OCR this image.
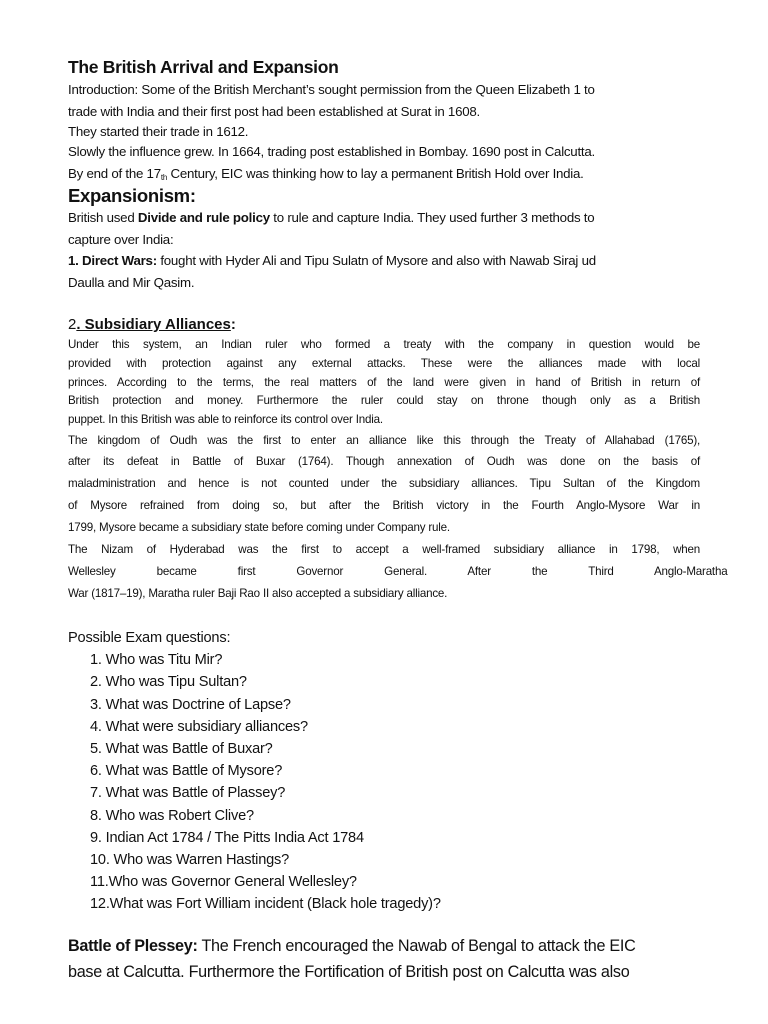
The British Arrival and Expansion
Introduction: Some of the British Merchant’s sought permission from the Queen Elizabeth 1 to
trade with India and their first post had been established at Surat in 1608.
They started their trade in 1612.
Slowly the influence grew. In 1664, trading post established in Bombay. 1690 post in Calcutta.
By end of the $17_{th}$ Century, EIC was thinking how to lay a permanent British Hold over India.
Expansionism:
British used Divide and rule policy to rule and capture India. They used further 3 methods to
capture over India:
1. Direct Wars: fought with Hyder Ali and Tipu Sulatn of Mysore and also with Nawab Siraj ud
Daulla and Mir Qasim.
2. Subsidiary Alliances:
Under this system, an Indian ruler who formed a treaty with the company in question would be
provided with protection against any external attacks. These were the alliances made with local
princes. According to the terms, the real matters of the land were given in hand of British in return of
British protection and money. Furthermore the ruler could stay on throne though only as a British
puppet. In this British was able to reinforce its control over India.
The kingdom of Oudh was the first to enter an alliance like this through the Treaty of Allahabad (1765),
after its defeat in Battle of Buxar (1764). Though annexation of Oudh was done on the basis of
maladministration and hence is not counted under the subsidiary alliances. Tipu Sultan of the Kingdom
of Mysore refrained from doing so, but after the British victory in the Fourth Anglo-Mysore War in
1799, Mysore became a subsidiary state before coming under Company rule.
The Nizam of Hyderabad was the first to accept a well-framed subsidiary alliance in 1798, when
Wellesley became first Governor General. After the Third Anglo-Maratha
War (1817–19), Maratha ruler Baji Rao II also accepted a subsidiary alliance.
Possible Exam questions:
1. Who was Titu Mir?
2. Who was Tipu Sultan?
3. What was Doctrine of Lapse?
4. What were subsidiary alliances?
5. What was Battle of Buxar?
6. What was Battle of Mysore?
7. What was Battle of Plassey?
8. Who was Robert Clive?
9. Indian Act 1784 / The Pitts India Act 1784
10. Who was Warren Hastings?
11.Who was Governor General Wellesley?
12.What was Fort William incident (Black hole tragedy)?
Battle of Plessey: The French encouraged the Nawab of Bengal to attack the EIC
base at Calcutta. Furthermore the Fortification of British post on Calcutta was also
